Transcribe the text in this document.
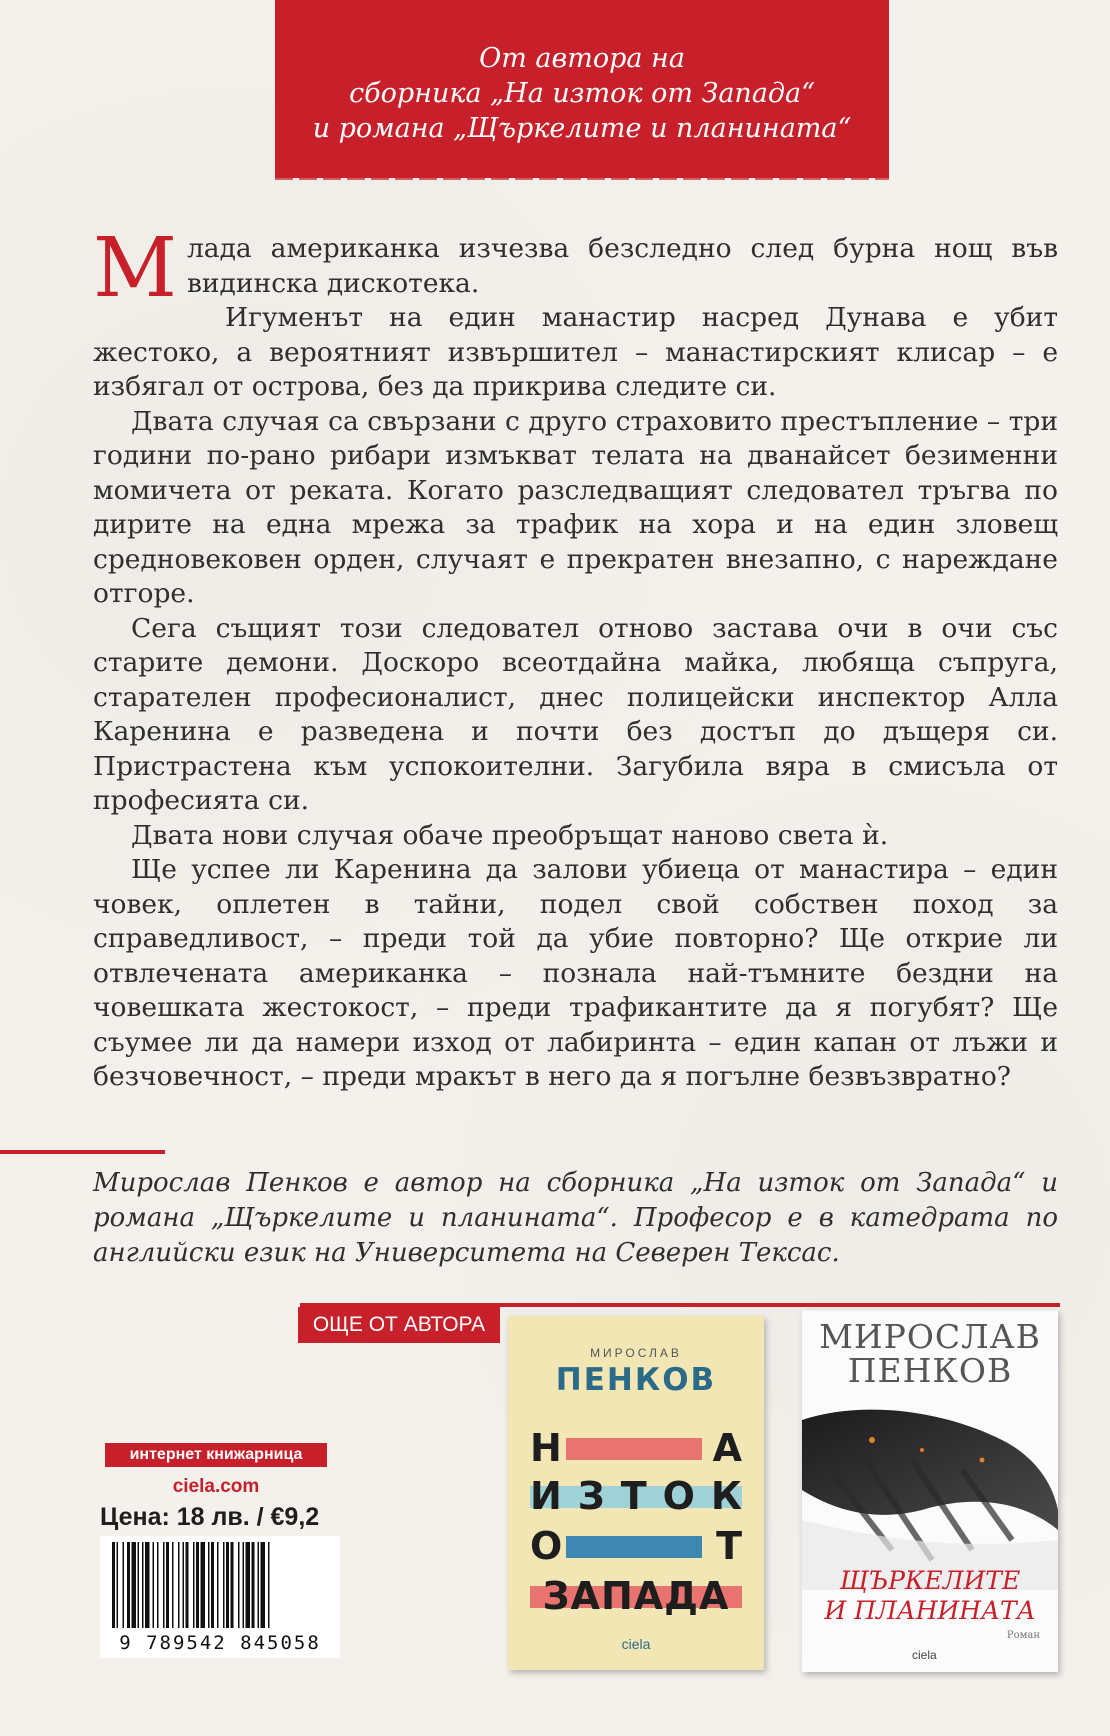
От автора на
сборника „На изток от Запада“
и романа „Щъркелите и планината“

Млада американка изчезва безследно след бурна нощ във видинска дискотека.

Игуменът на един манастир насред Дунава е убит жестоко, а вероятният извършител – манастирският клисар – е избягал от острова, без да прикрива следите си.

Двата случая са свързани с друго страховито престъпление – три години по-рано рибари измъкват телата на дванайсет безименни момичета от реката. Когато разследващият следовател тръгва по дирите на една мрежа за трафик на хора и на един зловещ средновековен орден, случаят е прекратен внезапно, с нареждане отгоре.

Сега същият този следовател отново застава очи в очи със старите демони. Доскоро всеотдайна майка, любяща съпруга, старателен професионалист, днес полицейски инспектор Алла Каренина е разведена и почти без достъп до дъщеря си. Пристрастена към успокоителни. Загубила вяра в смисъла от професията си.

Двата нови случая обаче преобръщат наново света ѝ.

Ще успее ли Каренина да залови убиеца от манастира – един човек, оплетен в тайни, подел свой собствен поход за справедливост, – преди той да убие повторно? Ще открие ли отвлечената американка – познала най-тъмните бездни на човешката жестокост, – преди трафикантите да я погубят? Ще съумее ли да намери изход от лабиринта – един капан от лъжи и безчовечност, – преди мракът в него да я погълне безвъзвратно?

Мирослав Пенков е автор на сборника „На изток от Запада“ и романа „Щъркелите и планината“. Професор е в катедрата по английски език на Университета на Северен Тексас.
ОЩЕ ОТ АВТОРА
МИРОСЛАВ
ПЕНКОВ
Н	А
И З Т О К
О	Т
ЗАПАДА
ciela
МИРОСЛАВ
ПЕНКОВ
ЩЪРКЕЛИТЕ
И ПЛАНИНАТА
Роман
ciela
интернет книжарница
ciela.com
Цена: 18 лв. / €9,2
9 789542 845058
